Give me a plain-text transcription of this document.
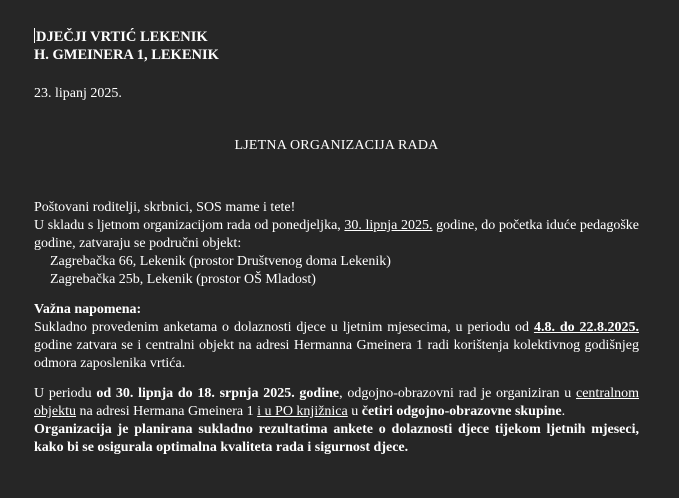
DJEČJI VRTIĆ LEKENIK
H. GMEINERA 1, LEKENIK
23. lipanj 2025.
LJETNA ORGANIZACIJA RADA
Poštovani roditelji, skrbnici, SOS mame i tete!
U skladu s ljetnom organizacijom rada od ponedjeljka, 30. lipnja 2025. godine, do početka iduće pedagoške godine, zatvaraju se područni objekt:
Zagrebačka 66, Lekenik (prostor Društvenog doma Lekenik)
Zagrebačka 25b, Lekenik (prostor OŠ Mladost)
Važna napomena:
Sukladno provedenim anketama o dolaznosti djece u ljetnim mjesecima, u periodu od 4.8. do 22.8.2025. godine zatvara se i centralni objekt na adresi Hermanna Gmeinera 1 radi korištenja kolektivnog godišnjeg odmora zaposlenika vrtića.
U periodu od 30. lipnja do 18. srpnja 2025. godine, odgojno-obrazovni rad je organiziran u centralnom objektu na adresi Hermana Gmeinera 1 i u PO knjižnica u četiri odgojno-obrazovne skupine.
Organizacija je planirana sukladno rezultatima ankete o dolaznosti djece tijekom ljetnih mjeseci, kako bi se osigurala optimalna kvaliteta rada i sigurnost djece.
